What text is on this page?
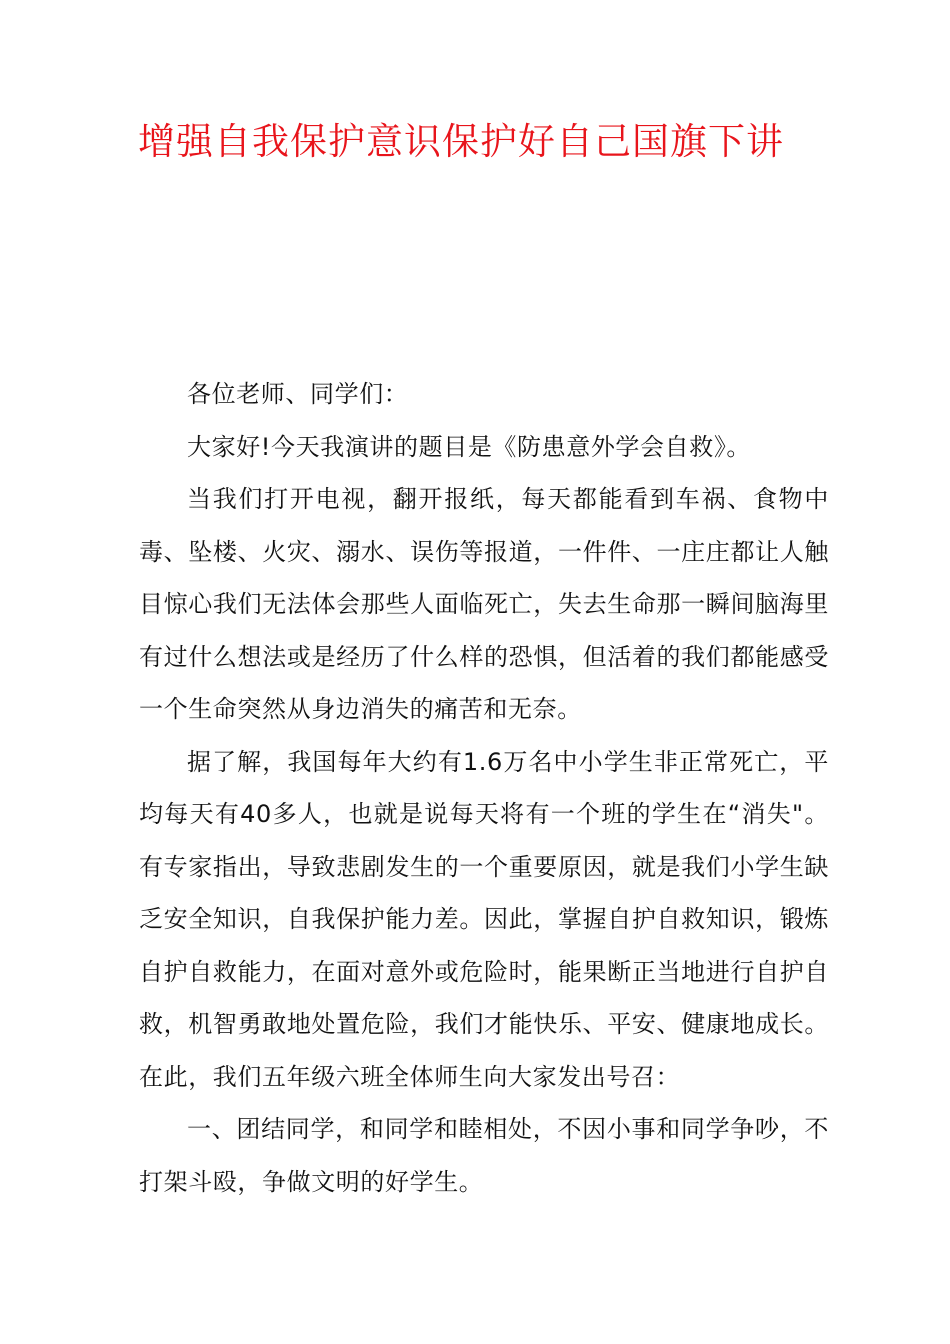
增强自我保护意识保护好自己国旗下讲

各位老师、同学们：

大家好!今天我演讲的题目是《防患意外学会自救》。

当我们打开电视，翻开报纸，每天都能看到车祸、食物中毒、坠楼、火灾、溺水、误伤等报道，一件件、一庄庄都让人触目惊心我们无法体会那些人面临死亡，失去生命那一瞬间脑海里有过什么想法或是经历了什么样的恐惧，但活着的我们都能感受一个生命突然从身边消失的痛苦和无奈。

据了解，我国每年大约有1.6万名中小学生非正常死亡，平均每天有40多人，也就是说每天将有一个班的学生在“消失"。有专家指出，导致悲剧发生的一个重要原因，就是我们小学生缺乏安全知识，自我保护能力差。因此，掌握自护自救知识，锻炼自护自救能力，在面对意外或危险时，能果断正当地进行自护自救，机智勇敢地处置危险，我们才能快乐、平安、健康地成长。在此，我们五年级六班全体师生向大家发出号召：

一、团结同学，和同学和睦相处，不因小事和同学争吵，不打架斗殴，争做文明的好学生。
